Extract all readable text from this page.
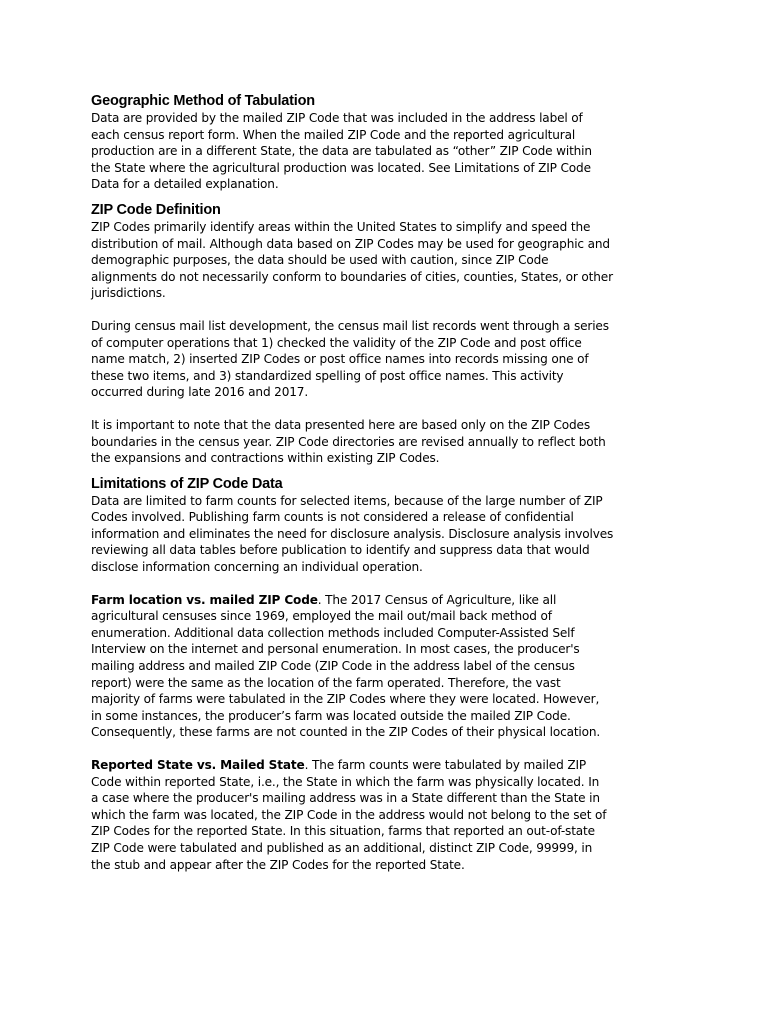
Geographic Method of Tabulation

Data are provided by the mailed ZIP Code that was included in the address label of
each census report form. When the mailed ZIP Code and the reported agricultural
production are in a different State, the data are tabulated as “other” ZIP Code within
the State where the agricultural production was located. See Limitations of ZIP Code
Data for a detailed explanation.

ZIP Code Definition

ZIP Codes primarily identify areas within the United States to simplify and speed the
distribution of mail. Although data based on ZIP Codes may be used for geographic and
demographic purposes, the data should be used with caution, since ZIP Code
alignments do not necessarily conform to boundaries of cities, counties, States, or other
jurisdictions.

During census mail list development, the census mail list records went through a series
of computer operations that 1) checked the validity of the ZIP Code and post office
name match, 2) inserted ZIP Codes or post office names into records missing one of
these two items, and 3) standardized spelling of post office names. This activity
occurred during late 2016 and 2017.

It is important to note that the data presented here are based only on the ZIP Codes
boundaries in the census year. ZIP Code directories are revised annually to reflect both
the expansions and contractions within existing ZIP Codes.

Limitations of ZIP Code Data

Data are limited to farm counts for selected items, because of the large number of ZIP
Codes involved. Publishing farm counts is not considered a release of confidential
information and eliminates the need for disclosure analysis. Disclosure analysis involves
reviewing all data tables before publication to identify and suppress data that would
disclose information concerning an individual operation.

Farm location vs. mailed ZIP Code. The 2017 Census of Agriculture, like all
agricultural censuses since 1969, employed the mail out/mail back method of
enumeration. Additional data collection methods included Computer-Assisted Self
Interview on the internet and personal enumeration. In most cases, the producer's
mailing address and mailed ZIP Code (ZIP Code in the address label of the census
report) were the same as the location of the farm operated. Therefore, the vast
majority of farms were tabulated in the ZIP Codes where they were located. However,
in some instances, the producer’s farm was located outside the mailed ZIP Code.
Consequently, these farms are not counted in the ZIP Codes of their physical location.

Reported State vs. Mailed State. The farm counts were tabulated by mailed ZIP
Code within reported State, i.e., the State in which the farm was physically located. In
a case where the producer's mailing address was in a State different than the State in
which the farm was located, the ZIP Code in the address would not belong to the set of
ZIP Codes for the reported State. In this situation, farms that reported an out-of-state
ZIP Code were tabulated and published as an additional, distinct ZIP Code, 99999, in
the stub and appear after the ZIP Codes for the reported State.
